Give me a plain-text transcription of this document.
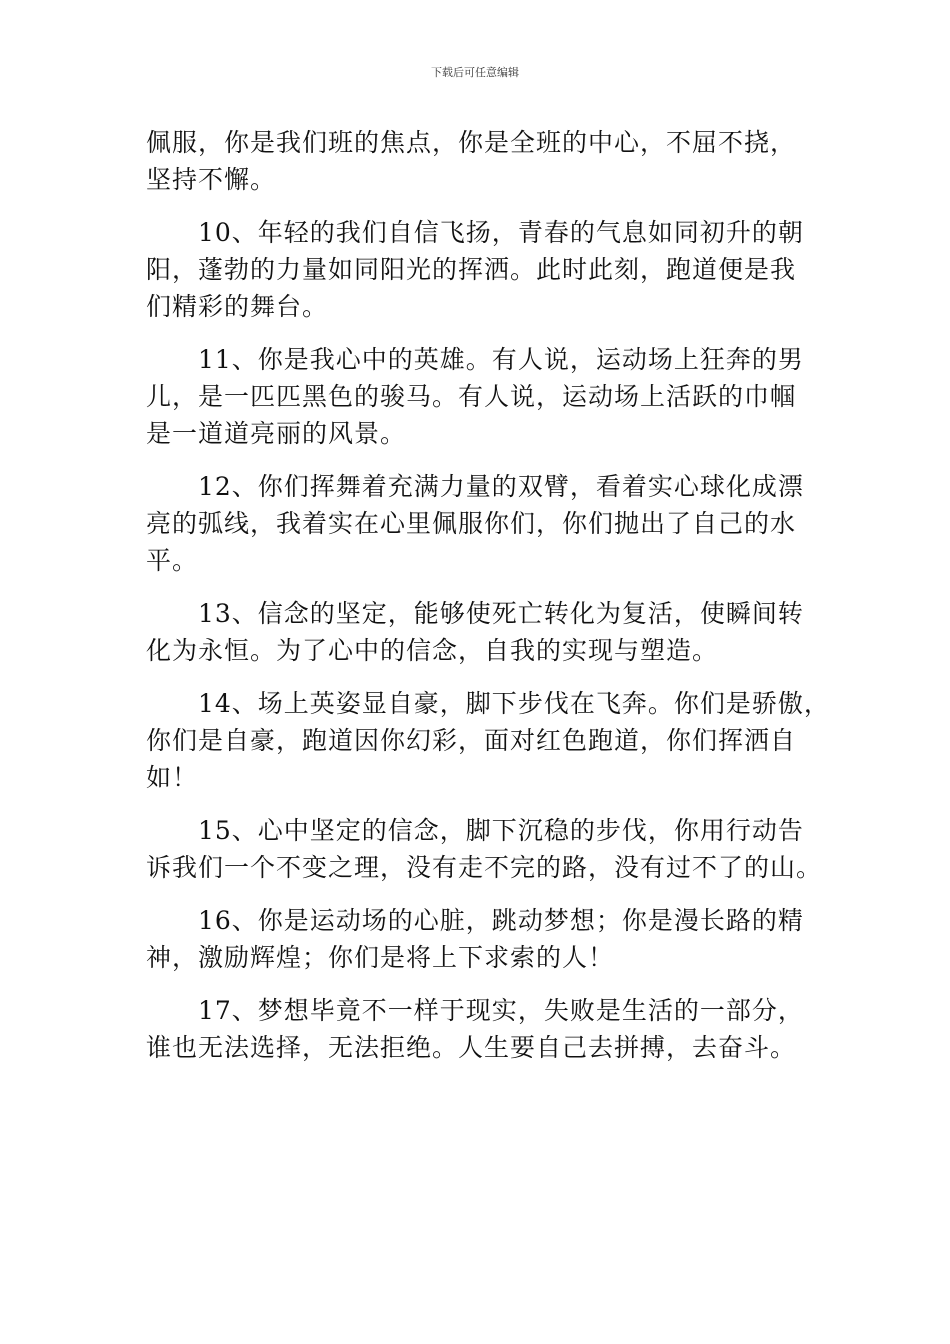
下载后可任意编辑
佩服，你是我们班的焦点，你是全班的中心，不屈不挠，
坚持不懈。
10、年轻的我们自信飞扬，青春的气息如同初升的朝
阳，蓬勃的力量如同阳光的挥洒。此时此刻，跑道便是我
们精彩的舞台。
11、你是我心中的英雄。有人说，运动场上狂奔的男
儿，是一匹匹黑色的骏马。有人说，运动场上活跃的巾帼
是一道道亮丽的风景。
12、你们挥舞着充满力量的双臂，看着实心球化成漂
亮的弧线，我着实在心里佩服你们，你们抛出了自己的水
平。
13、信念的坚定，能够使死亡转化为复活，使瞬间转
化为永恒。为了心中的信念，自我的实现与塑造。
14、场上英姿显自豪，脚下步伐在飞奔。你们是骄傲，
你们是自豪，跑道因你幻彩，面对红色跑道，你们挥洒自
如！
15、心中坚定的信念，脚下沉稳的步伐，你用行动告
诉我们一个不变之理，没有走不完的路，没有过不了的山。
16、你是运动场的心脏，跳动梦想；你是漫长路的精
神，激励辉煌；你们是将上下求索的人！
17、梦想毕竟不一样于现实，失败是生活的一部分，
谁也无法选择，无法拒绝。人生要自己去拼搏，去奋斗。
